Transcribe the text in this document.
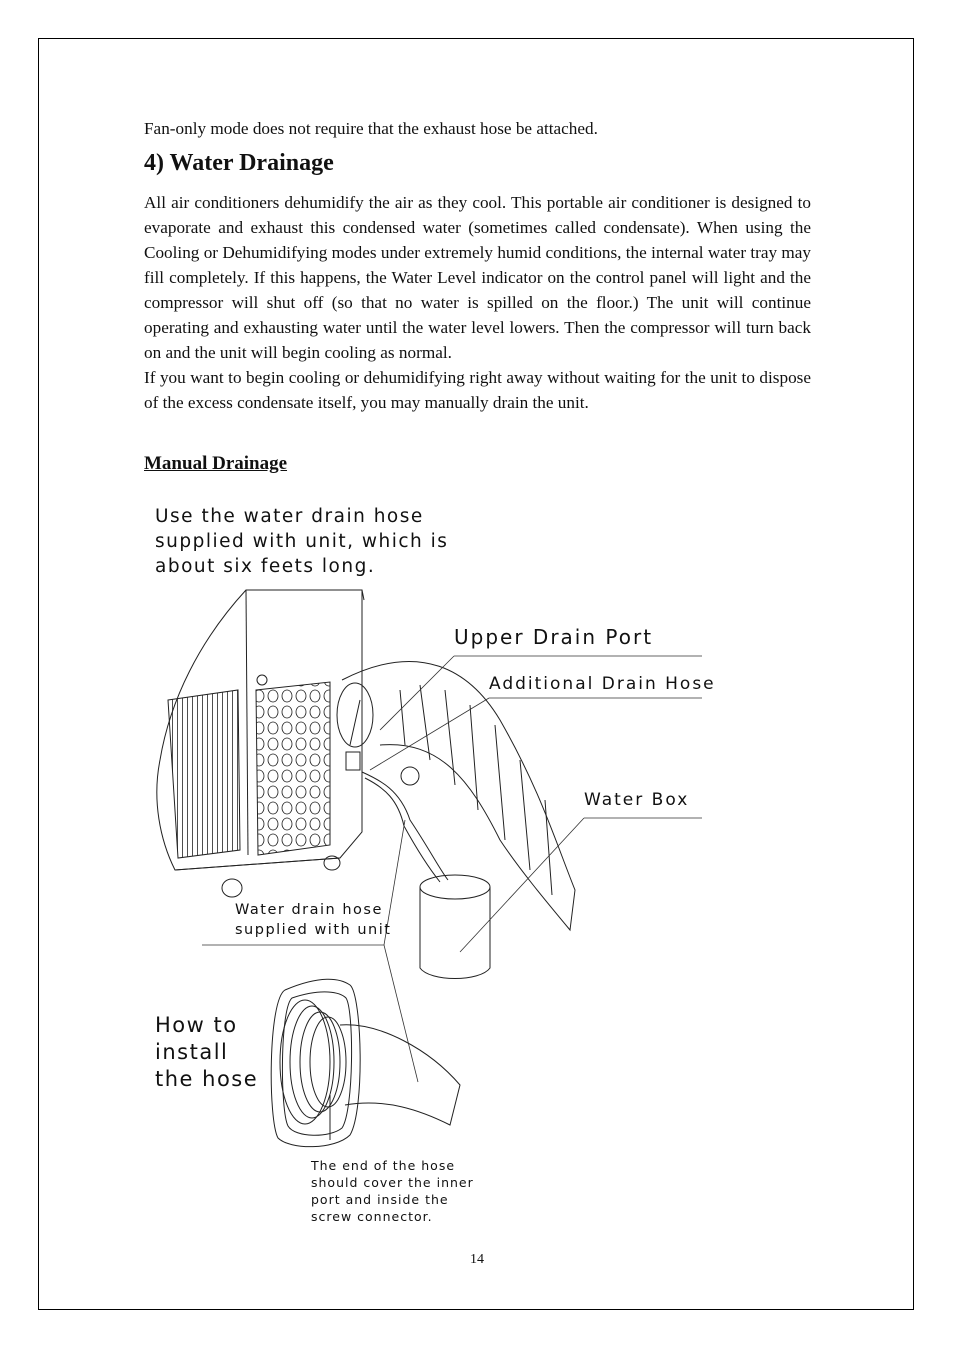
Fan-only mode does not require that the exhaust hose be attached.
4) Water Drainage

All air conditioners dehumidify the air as they cool. This portable air conditioner is designed to evaporate and exhaust this condensed water (sometimes called condensate). When using the Cooling or Dehumidifying modes under extremely humid conditions, the internal water tray may fill completely. If this happens, the Water Level indicator on the control panel will light and the compressor will shut off (so that no water is spilled on the floor.) The unit will continue operating and exhausting water until the water level lowers. Then the compressor will turn back on and the unit will begin cooling as normal.

If you want to begin cooling or dehumidifying right away without waiting for the unit to dispose of the excess condensate itself, you may manually drain the unit.

Manual Drainage
Use the water drain hose
supplied with unit, which is
about six feets long.
Upper Drain Port
Additional Drain Hose
Water Box
Water drain hose
supplied with unit
How to
install
the hose
The end of the hose
should cover the inner
port and inside the
screw connector.
14
